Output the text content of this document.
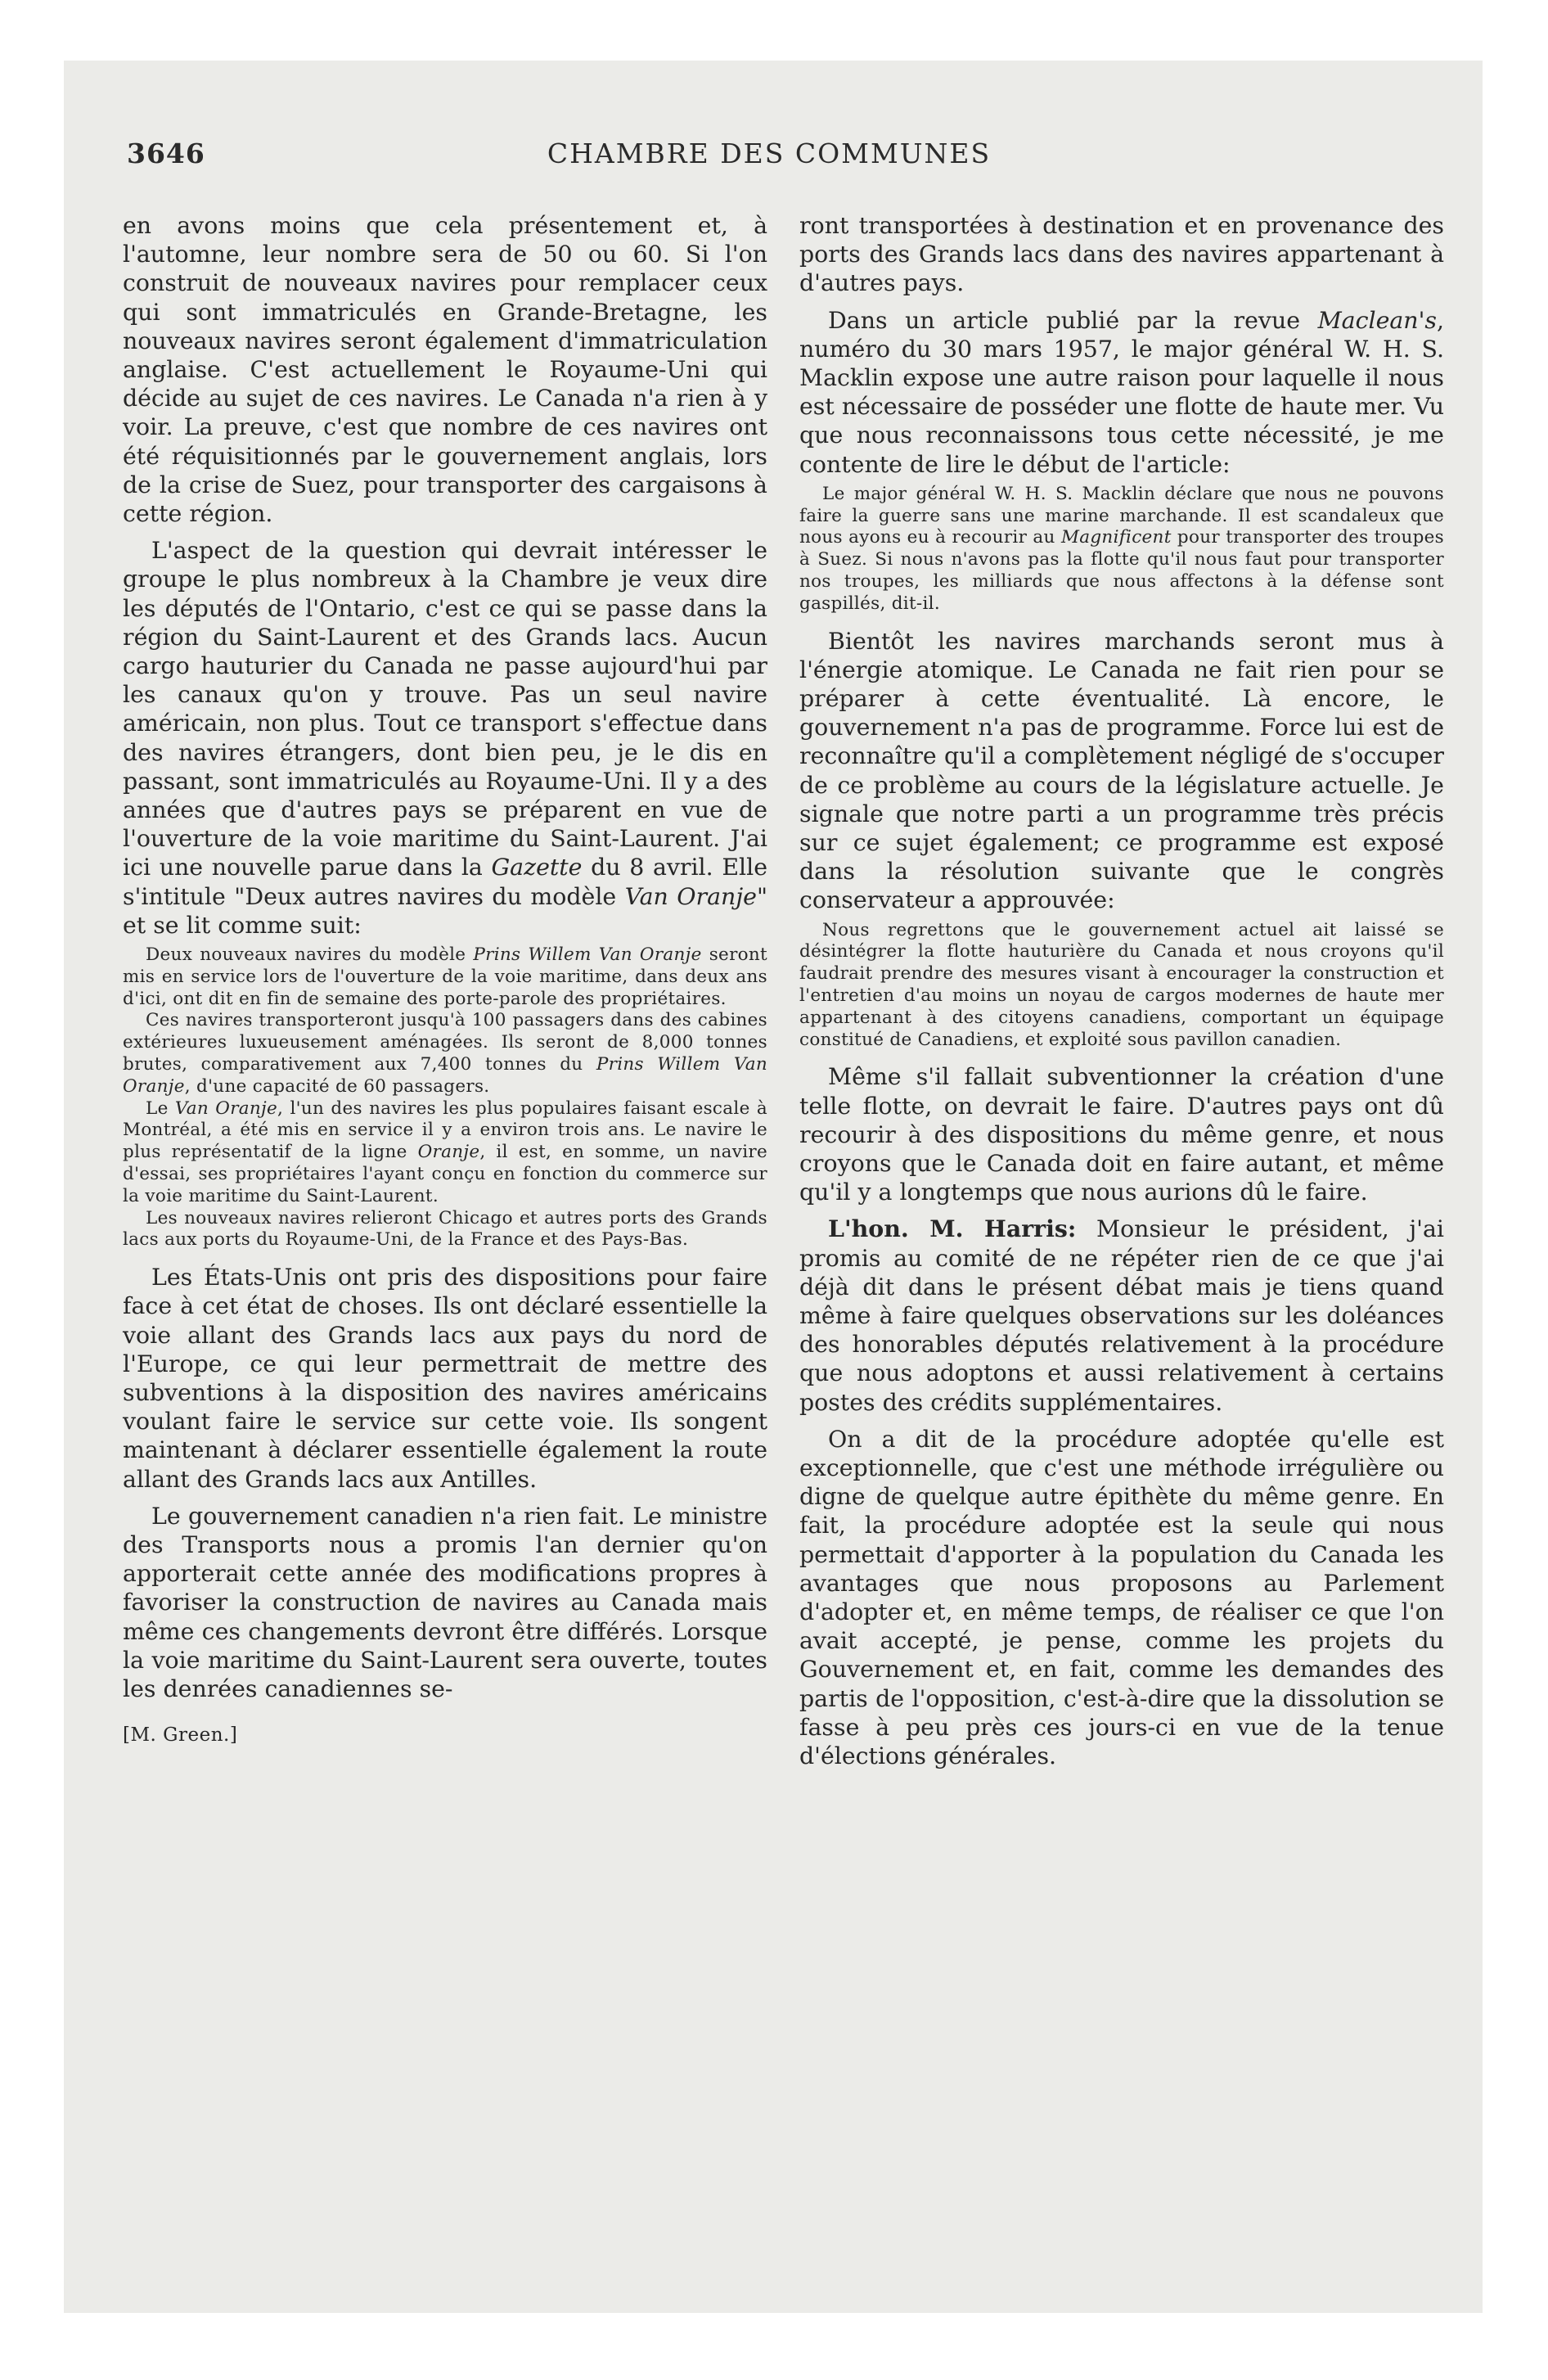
3646	CHAMBRE DES COMMUNES

en avons moins que cela présentement et, à l'automne, leur nombre sera de 50 ou 60. Si l'on construit de nouveaux navires pour remplacer ceux qui sont immatriculés en Grande-Bretagne, les nouveaux navires seront également d'immatriculation anglaise. C'est actuellement le Royaume-Uni qui décide au sujet de ces navires. Le Canada n'a rien à y voir. La preuve, c'est que nombre de ces navires ont été réquisitionnés par le gouvernement anglais, lors de la crise de Suez, pour transporter des cargaisons à cette région.

L'aspect de la question qui devrait intéresser le groupe le plus nombreux à la Chambre je veux dire les députés de l'Ontario, c'est ce qui se passe dans la région du Saint-Laurent et des Grands lacs. Aucun cargo hauturier du Canada ne passe aujourd'hui par les canaux qu'on y trouve. Pas un seul navire américain, non plus. Tout ce transport s'effectue dans des navires étrangers, dont bien peu, je le dis en passant, sont immatriculés au Royaume-Uni. Il y a des années que d'autres pays se préparent en vue de l'ouverture de la voie maritime du Saint-Laurent. J'ai ici une nouvelle parue dans la Gazette du 8 avril. Elle s'intitule "Deux autres navires du modèle Van Oranje" et se lit comme suit:

Deux nouveaux navires du modèle Prins Willem Van Oranje seront mis en service lors de l'ouverture de la voie maritime, dans deux ans d'ici, ont dit en fin de semaine des porte-parole des propriétaires.

Ces navires transporteront jusqu'à 100 passagers dans des cabines extérieures luxueusement aménagées. Ils seront de 8,000 tonnes brutes, comparativement aux 7,400 tonnes du Prins Willem Van Oranje, d'une capacité de 60 passagers.

Le Van Oranje, l'un des navires les plus populaires faisant escale à Montréal, a été mis en service il y a environ trois ans. Le navire le plus représentatif de la ligne Oranje, il est, en somme, un navire d'essai, ses propriétaires l'ayant conçu en fonction du commerce sur la voie maritime du Saint-Laurent.

Les nouveaux navires relieront Chicago et autres ports des Grands lacs aux ports du Royaume-Uni, de la France et des Pays-Bas.

Les États-Unis ont pris des dispositions pour faire face à cet état de choses. Ils ont déclaré essentielle la voie allant des Grands lacs aux pays du nord de l'Europe, ce qui leur permettrait de mettre des subventions à la disposition des navires américains voulant faire le service sur cette voie. Ils songent maintenant à déclarer essentielle également la route allant des Grands lacs aux Antilles.

Le gouvernement canadien n'a rien fait. Le ministre des Transports nous a promis l'an dernier qu'on apporterait cette année des modifications propres à favoriser la construction de navires au Canada mais même ces changements devront être différés. Lorsque la voie maritime du Saint-Laurent sera ouverte, toutes les denrées canadiennes se-

[M. Green.]

ront transportées à destination et en provenance des ports des Grands lacs dans des navires appartenant à d'autres pays.

Dans un article publié par la revue Maclean's, numéro du 30 mars 1957, le major général W. H. S. Macklin expose une autre raison pour laquelle il nous est nécessaire de posséder une flotte de haute mer. Vu que nous reconnaissons tous cette nécessité, je me contente de lire le début de l'article:

Le major général W. H. S. Macklin déclare que nous ne pouvons faire la guerre sans une marine marchande. Il est scandaleux que nous ayons eu à recourir au Magnificent pour transporter des troupes à Suez. Si nous n'avons pas la flotte qu'il nous faut pour transporter nos troupes, les milliards que nous affectons à la défense sont gaspillés, dit-il.

Bientôt les navires marchands seront mus à l'énergie atomique. Le Canada ne fait rien pour se préparer à cette éventualité. Là encore, le gouvernement n'a pas de programme. Force lui est de reconnaître qu'il a complètement négligé de s'occuper de ce problème au cours de la législature actuelle. Je signale que notre parti a un programme très précis sur ce sujet également; ce programme est exposé dans la résolution suivante que le congrès conservateur a approuvée:

Nous regrettons que le gouvernement actuel ait laissé se désintégrer la flotte hauturière du Canada et nous croyons qu'il faudrait prendre des mesures visant à encourager la construction et l'entretien d'au moins un noyau de cargos modernes de haute mer appartenant à des citoyens canadiens, comportant un équipage constitué de Canadiens, et exploité sous pavillon canadien.

Même s'il fallait subventionner la création d'une telle flotte, on devrait le faire. D'autres pays ont dû recourir à des dispositions du même genre, et nous croyons que le Canada doit en faire autant, et même qu'il y a longtemps que nous aurions dû le faire.

L'hon. M. Harris: Monsieur le président, j'ai promis au comité de ne répéter rien de ce que j'ai déjà dit dans le présent débat mais je tiens quand même à faire quelques observations sur les doléances des honorables députés relativement à la procédure que nous adoptons et aussi relativement à certains postes des crédits supplémentaires.

On a dit de la procédure adoptée qu'elle est exceptionnelle, que c'est une méthode irrégulière ou digne de quelque autre épithète du même genre. En fait, la procédure adoptée est la seule qui nous permettait d'apporter à la population du Canada les avantages que nous proposons au Parlement d'adopter et, en même temps, de réaliser ce que l'on avait accepté, je pense, comme les projets du Gouvernement et, en fait, comme les demandes des partis de l'opposition, c'est-à-dire que la dissolution se fasse à peu près ces jours-ci en vue de la tenue d'élections générales.
